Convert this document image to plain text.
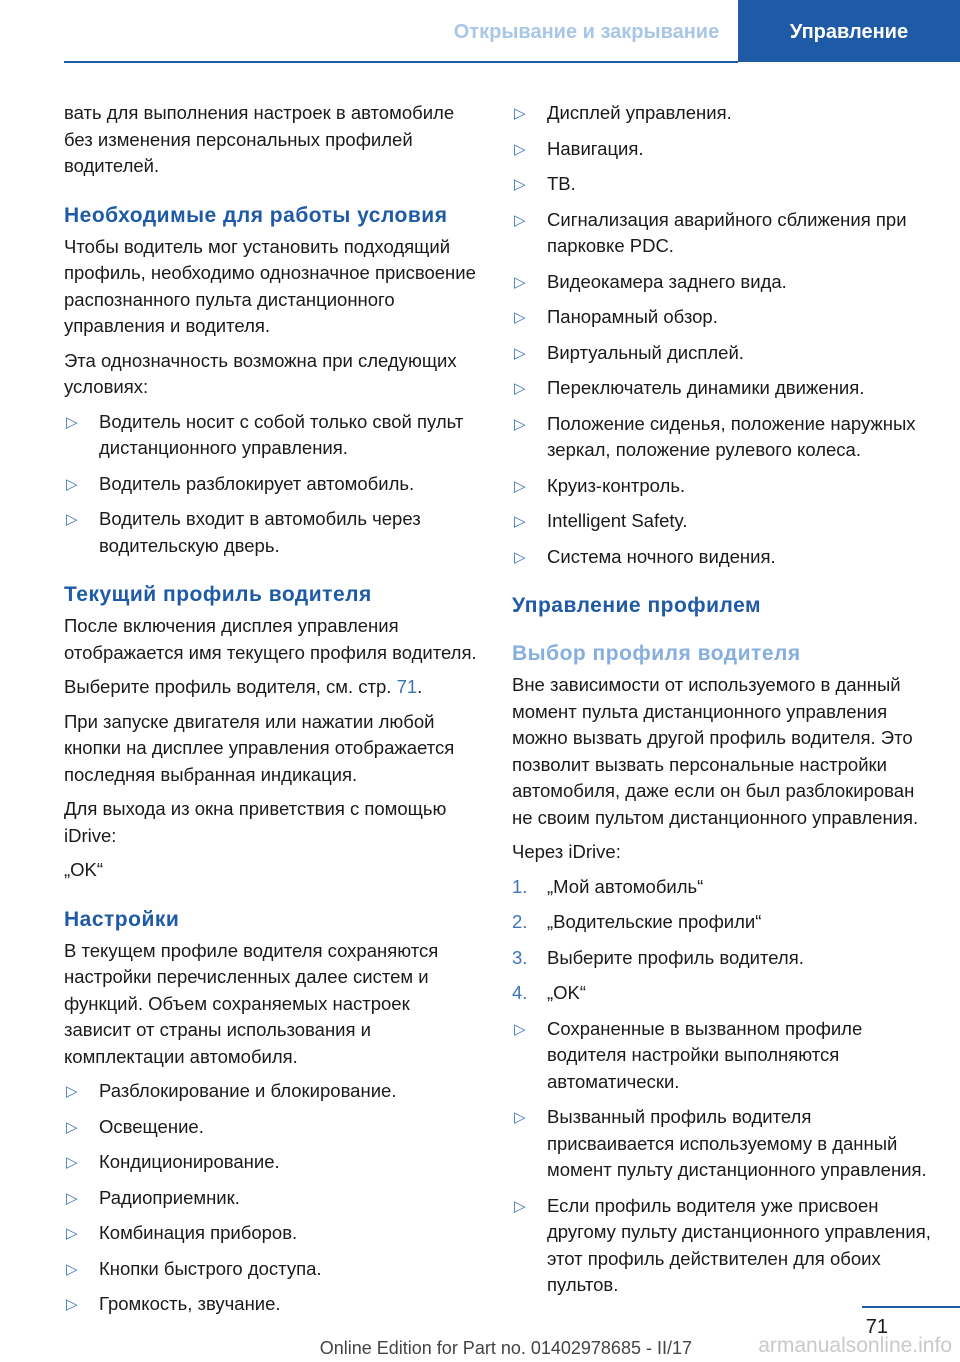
Открывание и закрывание	Управление

вать для выполнения настроек в автомобиле без изменения персональных профилей водителей.

Необходимые для работы условия

Чтобы водитель мог установить подходящий профиль, необходимо однозначное присвоение распознанного пульта дистанционного управления и водителя.

Эта однозначность возможна при следующих условиях:

▷ Водитель носит с собой только свой пульт дистанционного управления.
▷ Водитель разблокирует автомобиль.
▷ Водитель входит в автомобиль через водительскую дверь.
Текущий профиль водителя

После включения дисплея управления отображается имя текущего профиля водителя.

Выберите профиль водителя, см. стр. 71.

При запуске двигателя или нажатии любой кнопки на дисплее управления отображается последняя выбранная индикация.

Для выхода из окна приветствия с помощью iDrive:

„OK“

Настройки

В текущем профиле водителя сохраняются настройки перечисленных далее систем и функций. Объем сохраняемых настроек зависит от страны использования и комплектации автомобиля.

▷ Разблокирование и блокирование.
▷ Освещение.
▷ Кондиционирование.
▷ Радиоприемник.
▷ Комбинация приборов.
▷ Кнопки быстрого доступа.
▷ Громкость, звучание.
▷ Дисплей управления.
▷ Навигация.
▷ ТВ.
▷ Сигнализация аварийного сближения при парковке PDC.
▷ Видеокамера заднего вида.
▷ Панорамный обзор.
▷ Виртуальный дисплей.
▷ Переключатель динамики движения.
▷ Положение сиденья, положение наружных зеркал, положение рулевого колеса.
▷ Круиз-контроль.
▷ Intelligent Safety.
▷ Система ночного видения.
Управление профилем
Выбор профиля водителя

Вне зависимости от используемого в данный момент пульта дистанционного управления можно вызвать другой профиль водителя. Это позволит вызвать персональные настройки автомобиля, даже если он был разблокирован не своим пультом дистанционного управления.

Через iDrive:

1. „Мой автомобиль“
2. „Водительские профили“
3. Выберите профиль водителя.
4. „OK“
▷ Сохраненные в вызванном профиле водителя настройки выполняются автоматически.
▷ Вызванный профиль водителя присваивается используемому в данный момент пульту дистанционного управления.
▷ Если профиль водителя уже присвоен другому пульту дистанционного управления, этот профиль действителен для обоих пультов.
71
Online Edition for Part no. 01402978685 - II/17	armanualsonline.info
